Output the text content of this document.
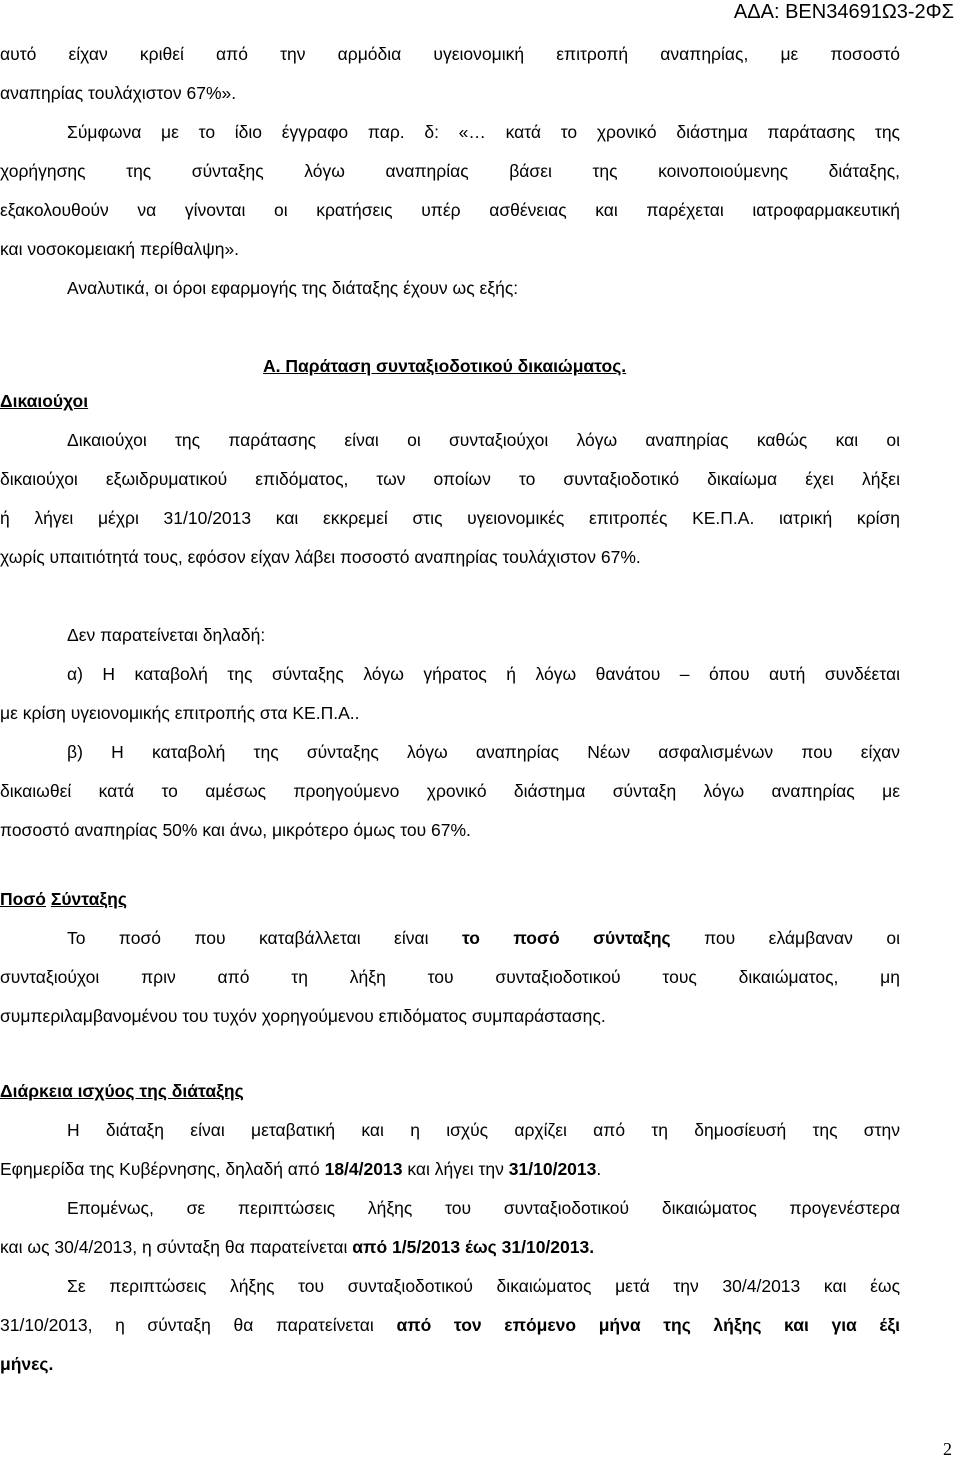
ΑΔΑ: ΒΕΝ34691Ω3-2ΦΣ
αυτό είχαν κριθεί από την αρμόδια υγειονομική επιτροπή αναπηρίας, με ποσοστό
αναπηρίας τουλάχιστον 67%».
Σύμφωνα με το ίδιο έγγραφο παρ. δ: «… κατά το χρονικό διάστημα παράτασης της
χορήγησης της σύνταξης λόγω αναπηρίας βάσει της κοινοποιούμενης διάταξης,
εξακολουθούν να γίνονται οι κρατήσεις υπέρ ασθένειας και παρέχεται ιατροφαρμακευτική
και νοσοκομειακή περίθαλψη».
Αναλυτικά, οι όροι εφαρμογής της διάταξης έχουν ως εξής:
Α. Παράταση συνταξιοδοτικού δικαιώματος.
Δικαιούχοι
Δικαιούχοι της παράτασης είναι οι συνταξιούχοι λόγω αναπηρίας καθώς και οι
δικαιούχοι εξωιδρυματικού επιδόματος, των οποίων το συνταξιοδοτικό δικαίωμα έχει λήξει
ή λήγει μέχρι 31/10/2013 και εκκρεμεί στις υγειονομικές επιτροπές ΚΕ.Π.Α. ιατρική κρίση
χωρίς υπαιτιότητά τους, εφόσον είχαν λάβει ποσοστό αναπηρίας τουλάχιστον 67%.
Δεν παρατείνεται δηλαδή:
α) Η καταβολή της σύνταξης λόγω γήρατος ή λόγω θανάτου – όπου αυτή συνδέεται
με κρίση υγειονομικής επιτροπής στα ΚΕ.Π.Α..
β) Η καταβολή της σύνταξης λόγω αναπηρίας Νέων ασφαλισμένων που είχαν
δικαιωθεί κατά το αμέσως προηγούμενο χρονικό διάστημα σύνταξη λόγω αναπηρίας με
ποσοστό αναπηρίας 50% και άνω, μικρότερο όμως του 67%.
Ποσό Σύνταξης
Το ποσό που καταβάλλεται είναι το ποσό σύνταξης που ελάμβαναν οι
συνταξιούχοι πριν από τη λήξη του συνταξιοδοτικού τους δικαιώματος, μη
συμπεριλαμβανομένου του τυχόν χορηγούμενου επιδόματος συμπαράστασης.
Διάρκεια ισχύος της διάταξης
Η διάταξη είναι μεταβατική και η ισχύς αρχίζει από τη δημοσίευσή της στην
Εφημερίδα της Κυβέρνησης, δηλαδή από 18/4/2013 και λήγει την 31/10/2013.
Επομένως, σε περιπτώσεις λήξης του συνταξιοδοτικού δικαιώματος προγενέστερα
και ως 30/4/2013, η σύνταξη θα παρατείνεται από 1/5/2013 έως 31/10/2013.
Σε περιπτώσεις λήξης του συνταξιοδοτικού δικαιώματος μετά την 30/4/2013 και έως
31/10/2013, η σύνταξη θα παρατείνεται από τον επόμενο μήνα της λήξης και για έξι
μήνες.
2
